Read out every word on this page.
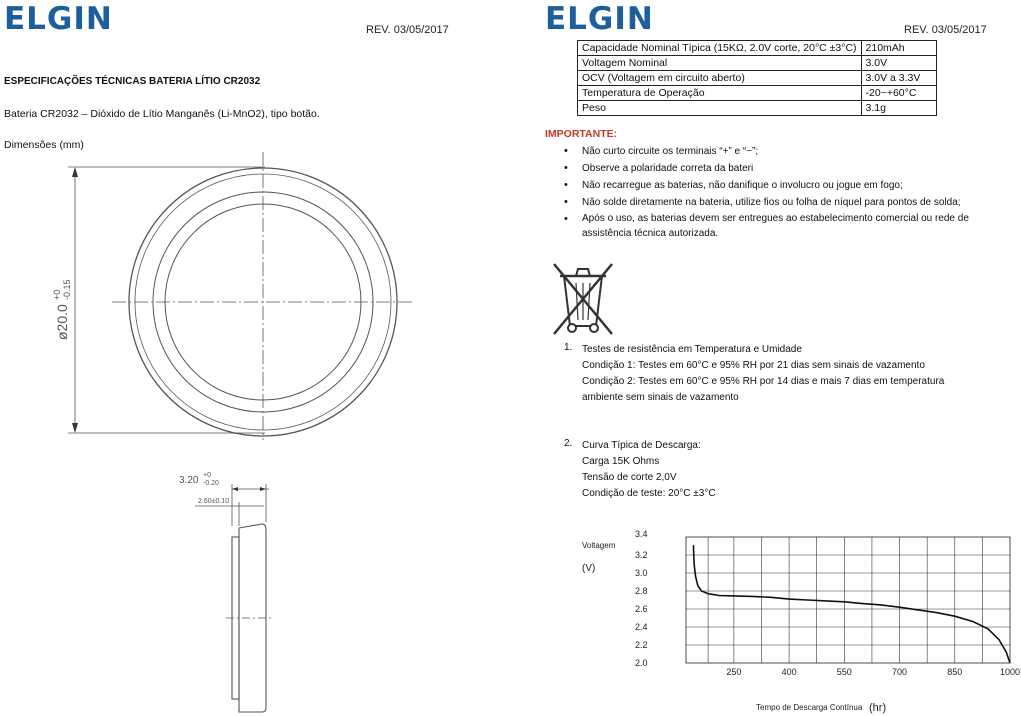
ELGIN	REV. 03/05/2017
ESPECIFICAÇÕES TÉCNICAS BATERIA LÍTIO CR2032
Bateria CR2032 – Dióxido de Lítio Manganês (Li-MnO2), tipo botão.
Dimensões (mm)
ø20.0
+0 -0.15
3.20 +0
-0.20
2.60±0.10
ELGIN	REV. 03/05/2017
Capacidade Nominal Típica (15KΩ, 2.0V corte, 20°C ±3°C)	210mAh
Voltagem Nominal	3.0V
OCV (Voltagem em circuito aberto)	3.0V a 3.3V
Temperatura de Operação	-20~+60°C
Peso	3.1g
IMPORTANTE:
• Não curto circuite os terminais “+” e “−”;
• Observe a polaridade correta da bateri
• Não recarregue as baterias, não danifique o involucro ou jogue em fogo;
• Não solde diretamente na bateria, utilize fios ou folha de níquel para pontos de solda;
• Após o uso, as baterias devem ser entregues ao estabelecimento comercial ou rede de
assistência técnica autorizada.
1. Testes de resistência em Temperatura e Umidade
Condição 1: Testes em 60°C e 95% RH por 21 dias sem sinais de vazamento
Condição 2: Testes em 60°C e 95% RH por 14 dias e mais 7 dias em temperatura
ambiente sem sinais de vazamento
2. Curva Típica de Descarga:
Carga 15K Ohms
Tensão de corte 2,0V
Condição de teste: 20°C ±3°C
Voltagem
(V)
Tempo de Descarga Contínua (hr)
3.4
3.2
3.0
2.8
2.6
2.4
2.2
2.0
250	400	550	700	850	1000
